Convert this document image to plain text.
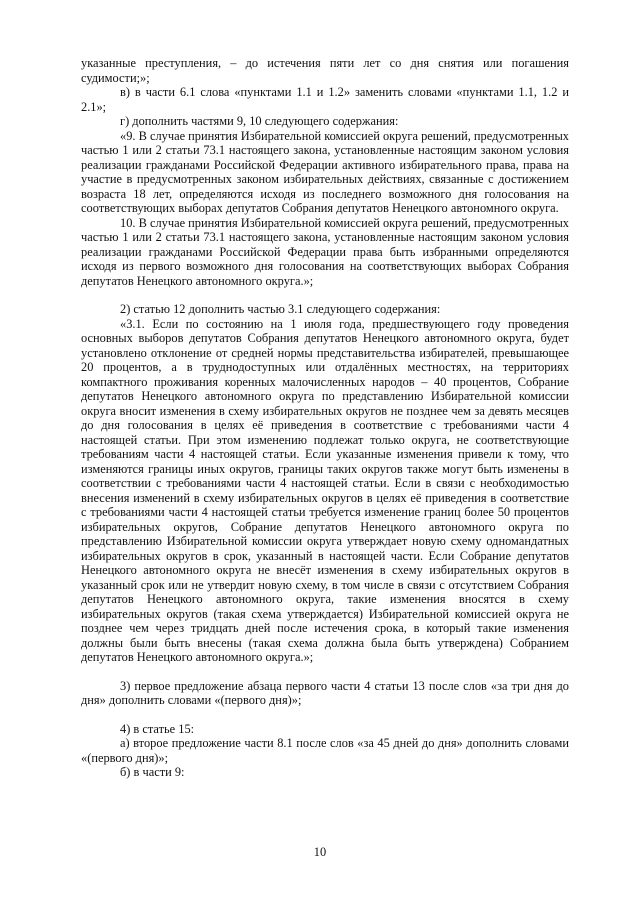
указанные преступления, – до истечения пяти лет со дня снятия или погашения судимости;»;

в) в части 6.1 слова «пунктами 1.1 и 1.2» заменить словами «пунктами 1.1, 1.2 и 2.1»;

г) дополнить частями 9, 10 следующего содержания:

«9. В случае принятия Избирательной комиссией округа решений, предусмотренных частью 1 или 2 статьи 73.1 настоящего закона, установленные настоящим законом условия реализации гражданами Российской Федерации активного избирательного права, права на участие в предусмотренных законом избирательных действиях, связанные с достижением возраста 18 лет, определяются исходя из последнего возможного дня голосования на соответствующих выборах депутатов Собрания депутатов Ненецкого автономного округа.

10. В случае принятия Избирательной комиссией округа решений, предусмотренных частью 1 или 2 статьи 73.1 настоящего закона, установленные настоящим законом условия реализации гражданами Российской Федерации права быть избранными определяются исходя из первого возможного дня голосования на соответствующих выборах Собрания депутатов Ненецкого автономного округа.»;

2) статью 12 дополнить частью 3.1 следующего содержания:

«3.1. Если по состоянию на 1 июля года, предшествующего году проведения основных выборов депутатов Собрания депутатов Ненецкого автономного округа, будет установлено отклонение от средней нормы представительства избирателей, превышающее 20 процентов, а в труднодоступных или отдалённых местностях, на территориях компактного проживания коренных малочисленных народов – 40 процентов, Собрание депутатов Ненецкого автономного округа по представлению Избирательной комиссии округа вносит изменения в схему избирательных округов не позднее чем за девять месяцев до дня голосования в целях её приведения в соответствие с требованиями части 4 настоящей статьи. При этом изменению подлежат только округа, не соответствующие требованиям части 4 настоящей статьи. Если указанные изменения привели к тому, что изменяются границы иных округов, границы таких округов также могут быть изменены в соответствии с требованиями части 4 настоящей статьи. Если в связи с необходимостью внесения изменений в схему избирательных округов в целях её приведения в соответствие с требованиями части 4 настоящей статьи требуется изменение границ более 50 процентов избирательных округов, Собрание депутатов Ненецкого автономного округа по представлению Избирательной комиссии округа утверждает новую схему одномандатных избирательных округов в срок, указанный в настоящей части. Если Собрание депутатов Ненецкого автономного округа не внесёт изменения в схему избирательных округов в указанный срок или не утвердит новую схему, в том числе в связи с отсутствием Собрания депутатов Ненецкого автономного округа, такие изменения вносятся в схему избирательных округов (такая схема утверждается) Избирательной комиссией округа не позднее чем через тридцать дней после истечения срока, в который такие изменения должны были быть внесены (такая схема должна была быть утверждена) Собранием депутатов Ненецкого автономного округа.»;

3) первое предложение абзаца первого части 4 статьи 13 после слов «за три дня до дня» дополнить словами «(первого дня)»;

4) в статье 15:

а) второе предложение части 8.1 после слов «за 45 дней до дня» дополнить словами «(первого дня)»;

б) в части 9:

10
